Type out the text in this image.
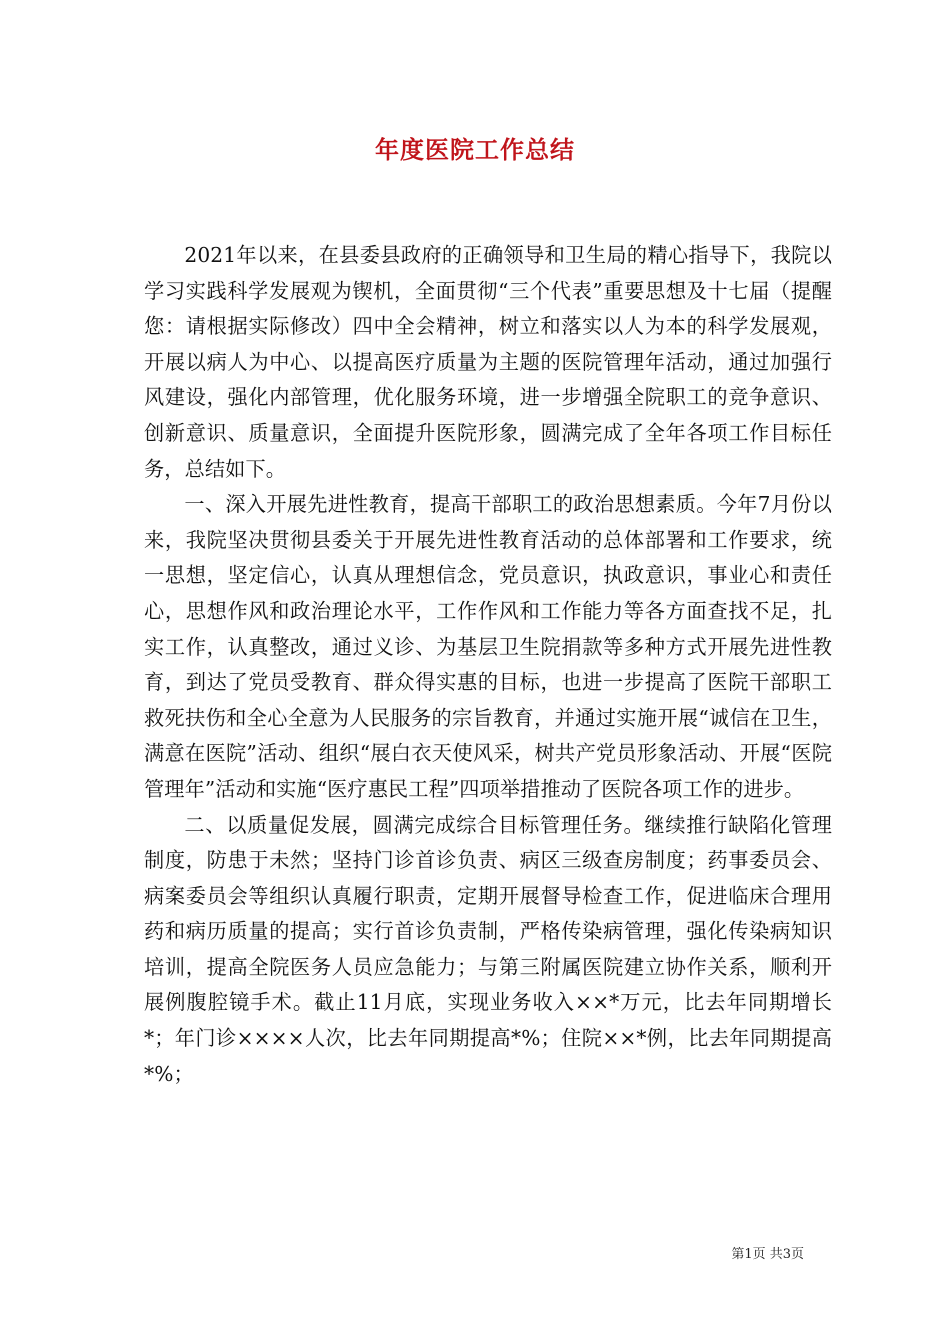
年度医院工作总结

2021年以来，在县委县政府的正确领导和卫生局的精心指导下，我院以学习实践科学发展观为锲机，全面贯彻“三个代表”重要思想及十七届（提醒您：请根据实际修改）四中全会精神，树立和落实以人为本的科学发展观，开展以病人为中心、以提高医疗质量为主题的医院管理年活动，通过加强行风建设，强化内部管理，优化服务环境，进一步增强全院职工的竞争意识、创新意识、质量意识，全面提升医院形象，圆满完成了全年各项工作目标任务，总结如下。

一、深入开展先进性教育，提高干部职工的政治思想素质。今年7月份以来，我院坚决贯彻县委关于开展先进性教育活动的总体部署和工作要求，统一思想，坚定信心，认真从理想信念，党员意识，执政意识，事业心和责任心，思想作风和政治理论水平，工作作风和工作能力等各方面查找不足，扎实工作，认真整改，通过义诊、为基层卫生院捐款等多种方式开展先进性教育，到达了党员受教育、群众得实惠的目标，也进一步提高了医院干部职工救死扶伤和全心全意为人民服务的宗旨教育，并通过实施开展“诚信在卫生，满意在医院”活动、组织“展白衣天使风采，树共产党员形象活动、开展“医院管理年”活动和实施“医疗惠民工程”四项举措推动了医院各项工作的进步。

二、以质量促发展，圆满完成综合目标管理任务。继续推行缺陷化管理制度，防患于未然；坚持门诊首诊负责、病区三级查房制度；药事委员会、病案委员会等组织认真履行职责，定期开展督导检查工作，促进临床合理用药和病历质量的提高；实行首诊负责制，严格传染病管理，强化传染病知识培训，提高全院医务人员应急能力；与第三附属医院建立协作关系，顺利开展例腹腔镜手术。截止11月底，实现业务收入××*万元，比去年同期增长*；年门诊××××人次，比去年同期提高*%；住院××*例，比去年同期提高*%；

第1页 共3页
